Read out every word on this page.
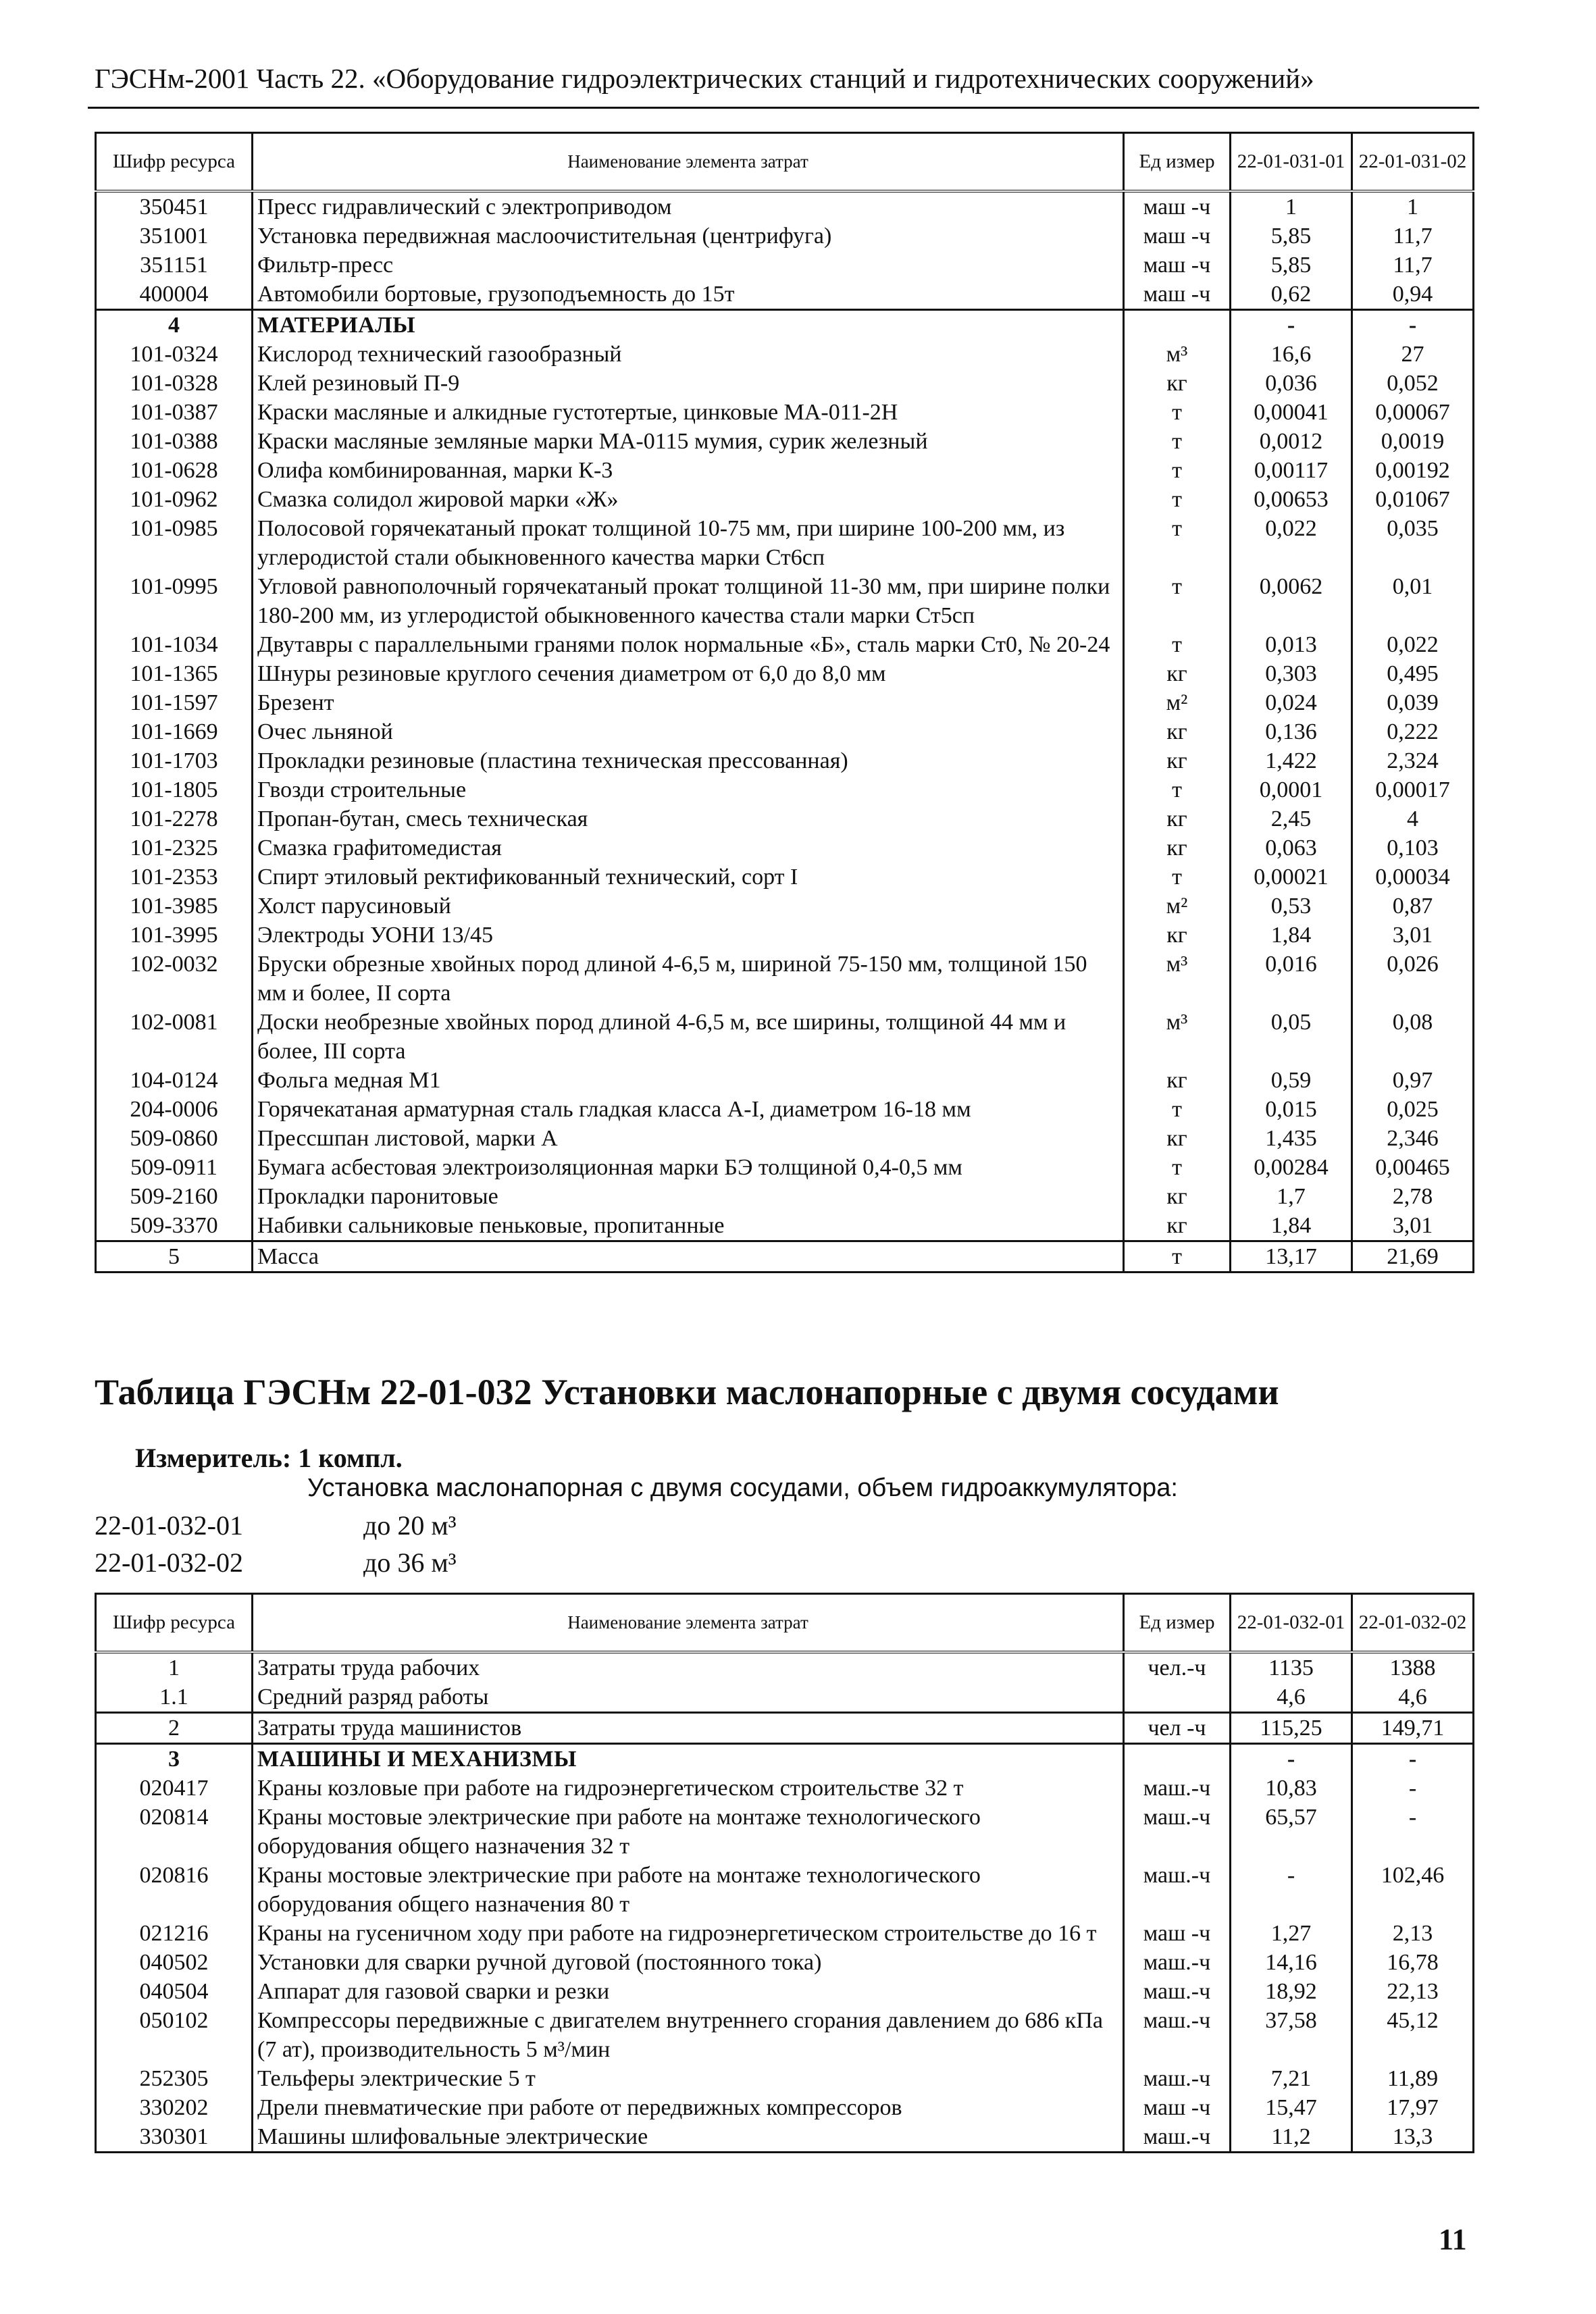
ГЭСНм-2001 Часть 22. «Оборудование гидроэлектрических станций и гидротехнических сооружений»
Шифр ресурса	Наименование элемента затрат	Ед измер	22-01-031-01	22-01-031-02
350451	Пресс гидравлический с электроприводом	маш -ч	1	1
351001	Установка передвижная маслоочистительная (центрифуга)	маш -ч	5,85	11,7
351151	Фильтр-пресс	маш -ч	5,85	11,7
400004	Автомобили бортовые, грузоподъемность до 15т	маш -ч	0,62	0,94
4	МАТЕРИАЛЫ		-	-
101-0324	Кислород технический газообразный	м³	16,6	27
101-0328	Клей резиновый П-9	кг	0,036	0,052
101-0387	Краски масляные и алкидные густотертые, цинковые МА-011-2Н	т	0,00041	0,00067
101-0388	Краски масляные земляные марки МА-0115 мумия, сурик железный	т	0,0012	0,0019
101-0628	Олифа комбинированная, марки К-3	т	0,00117	0,00192
101-0962	Смазка солидол жировой марки «Ж»	т	0,00653	0,01067
101-0985	Полосовой горячекатаный прокат толщиной 10-75 мм, при ширине 100-200 мм, из углеродистой стали обыкновенного качества марки Ст6сп	т	0,022	0,035
101-0995	Угловой равнополочный горячекатаный прокат толщиной 11-30 мм, при ширине полки 180-200 мм, из углеродистой обыкновенного качества стали марки Ст5сп	т	0,0062	0,01
101-1034	Двутавры с параллельными гранями полок нормальные «Б», сталь марки Ст0, № 20-24	т	0,013	0,022
101-1365	Шнуры резиновые круглого сечения диаметром от 6,0 до 8,0 мм	кг	0,303	0,495
101-1597	Брезент	м²	0,024	0,039
101-1669	Очес льняной	кг	0,136	0,222
101-1703	Прокладки резиновые (пластина техническая прессованная)	кг	1,422	2,324
101-1805	Гвозди строительные	т	0,0001	0,00017
101-2278	Пропан-бутан, смесь техническая	кг	2,45	4
101-2325	Смазка графитомедистая	кг	0,063	0,103
101-2353	Спирт этиловый ректификованный технический, сорт I	т	0,00021	0,00034
101-3985	Холст парусиновый	м²	0,53	0,87
101-3995	Электроды УОНИ 13/45	кг	1,84	3,01
102-0032	Бруски обрезные хвойных пород длиной 4-6,5 м, шириной 75-150 мм, толщиной 150 мм и более, II сорта	м³	0,016	0,026
102-0081	Доски необрезные хвойных пород длиной 4-6,5 м, все ширины, толщиной 44 мм и более, III сорта	м³	0,05	0,08
104-0124	Фольга медная М1	кг	0,59	0,97
204-0006	Горячекатаная арматурная сталь гладкая класса А-I, диаметром 16-18 мм	т	0,015	0,025
509-0860	Прессшпан листовой, марки А	кг	1,435	2,346
509-0911	Бумага асбестовая электроизоляционная марки БЭ толщиной 0,4-0,5 мм	т	0,00284	0,00465
509-2160	Прокладки паронитовые	кг	1,7	2,78
509-3370	Набивки сальниковые пеньковые, пропитанные	кг	1,84	3,01
5	Масса	т	13,17	21,69
Таблица ГЭСНм 22-01-032 Установки маслонапорные с двумя сосудами
Измеритель: 1 компл.
Установка маслонапорная с двумя сосудами, объем гидроаккумулятора:
22-01-032-01	до 20 м³
22-01-032-02	до 36 м³
Шифр ресурса	Наименование элемента затрат	Ед измер	22-01-032-01	22-01-032-02
1	Затраты труда рабочих	чел.-ч	1135	1388
1.1	Средний разряд работы		4,6	4,6
2	Затраты труда машинистов	чел -ч	115,25	149,71
3	МАШИНЫ И МЕХАНИЗМЫ		-	-
020417	Краны козловые при работе на гидроэнергетическом строительстве 32 т	маш.-ч	10,83	-
020814	Краны мостовые электрические при работе на монтаже технологического оборудования общего назначения 32 т	маш.-ч	65,57	-
020816	Краны мостовые электрические при работе на монтаже технологического оборудования общего назначения 80 т	маш.-ч	-	102,46
021216	Краны на гусеничном ходу при работе на гидроэнергетическом строительстве до 16 т	маш -ч	1,27	2,13
040502	Установки для сварки ручной дуговой (постоянного тока)	маш.-ч	14,16	16,78
040504	Аппарат для газовой сварки и резки	маш.-ч	18,92	22,13
050102	Компрессоры передвижные с двигателем внутреннего сгорания давлением до 686 кПа (7 ат), производительность 5 м³/мин	маш.-ч	37,58	45,12
252305	Тельферы электрические 5 т	маш.-ч	7,21	11,89
330202	Дрели пневматические при работе от передвижных компрессоров	маш -ч	15,47	17,97
330301	Машины шлифовальные электрические	маш.-ч	11,2	13,3
11
